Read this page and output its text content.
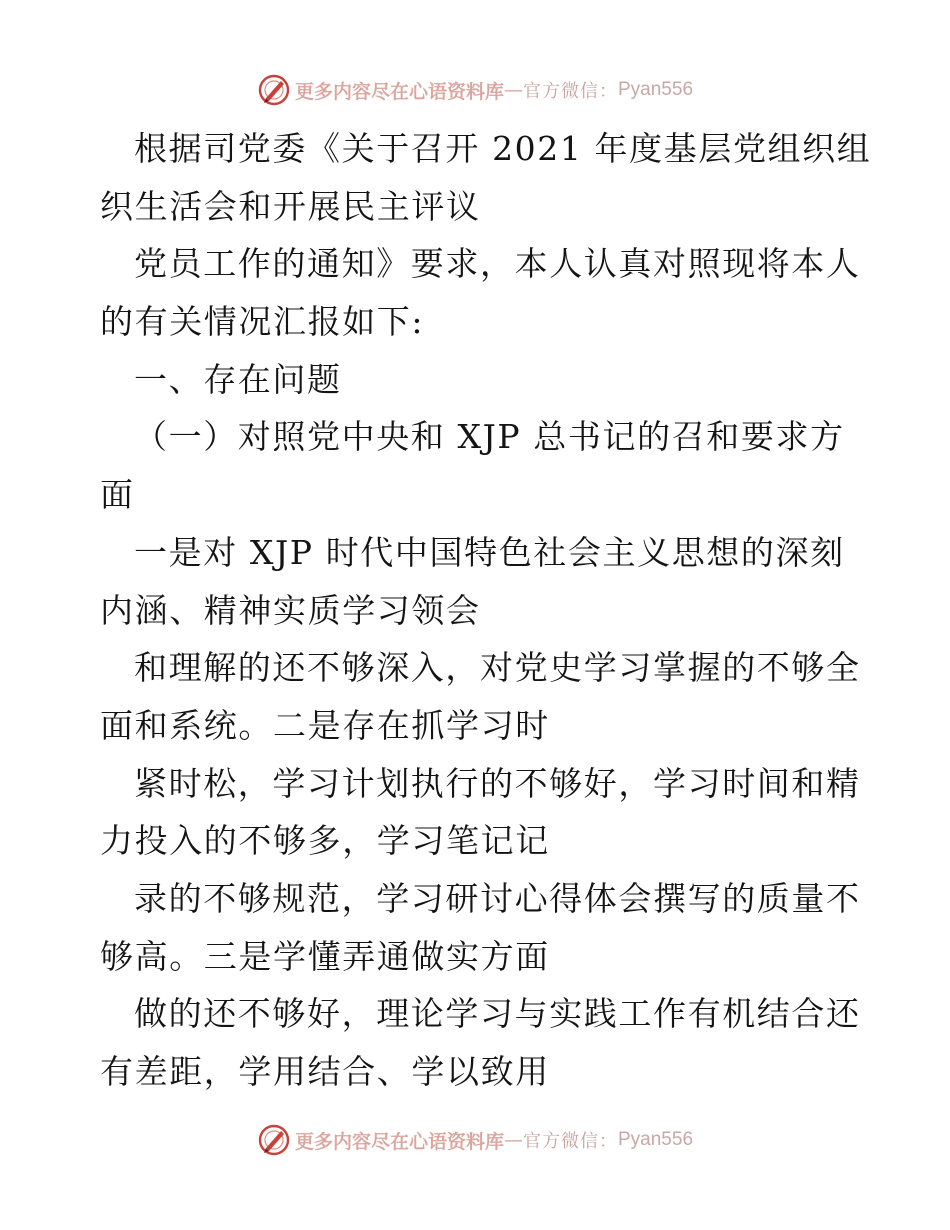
更多内容尽在心语资料库 — 官方微信： Pyan556
根据司党委《关于召开 2021 年度基层党组织组
织生活会和开展民主评议
党员工作的通知》要求，本人认真对照现将本人
的有关情况汇报如下:
一、存在问题
（一）对照党中央和 XJP 总书记的召和要求方
面
一是对 XJP 时代中国特色社会主义思想的深刻
内涵、精神实质学习领会
和理解的还不够深入，对党史学习掌握的不够全
面和系统。二是存在抓学习时
紧时松，学习计划执行的不够好，学习时间和精
力投入的不够多，学习笔记记
录的不够规范，学习研讨心得体会撰写的质量不
够高。三是学懂弄通做实方面
做的还不够好，理论学习与实践工作有机结合还
有差距，学用结合、学以致用
更多内容尽在心语资料库 — 官方微信： Pyan556
